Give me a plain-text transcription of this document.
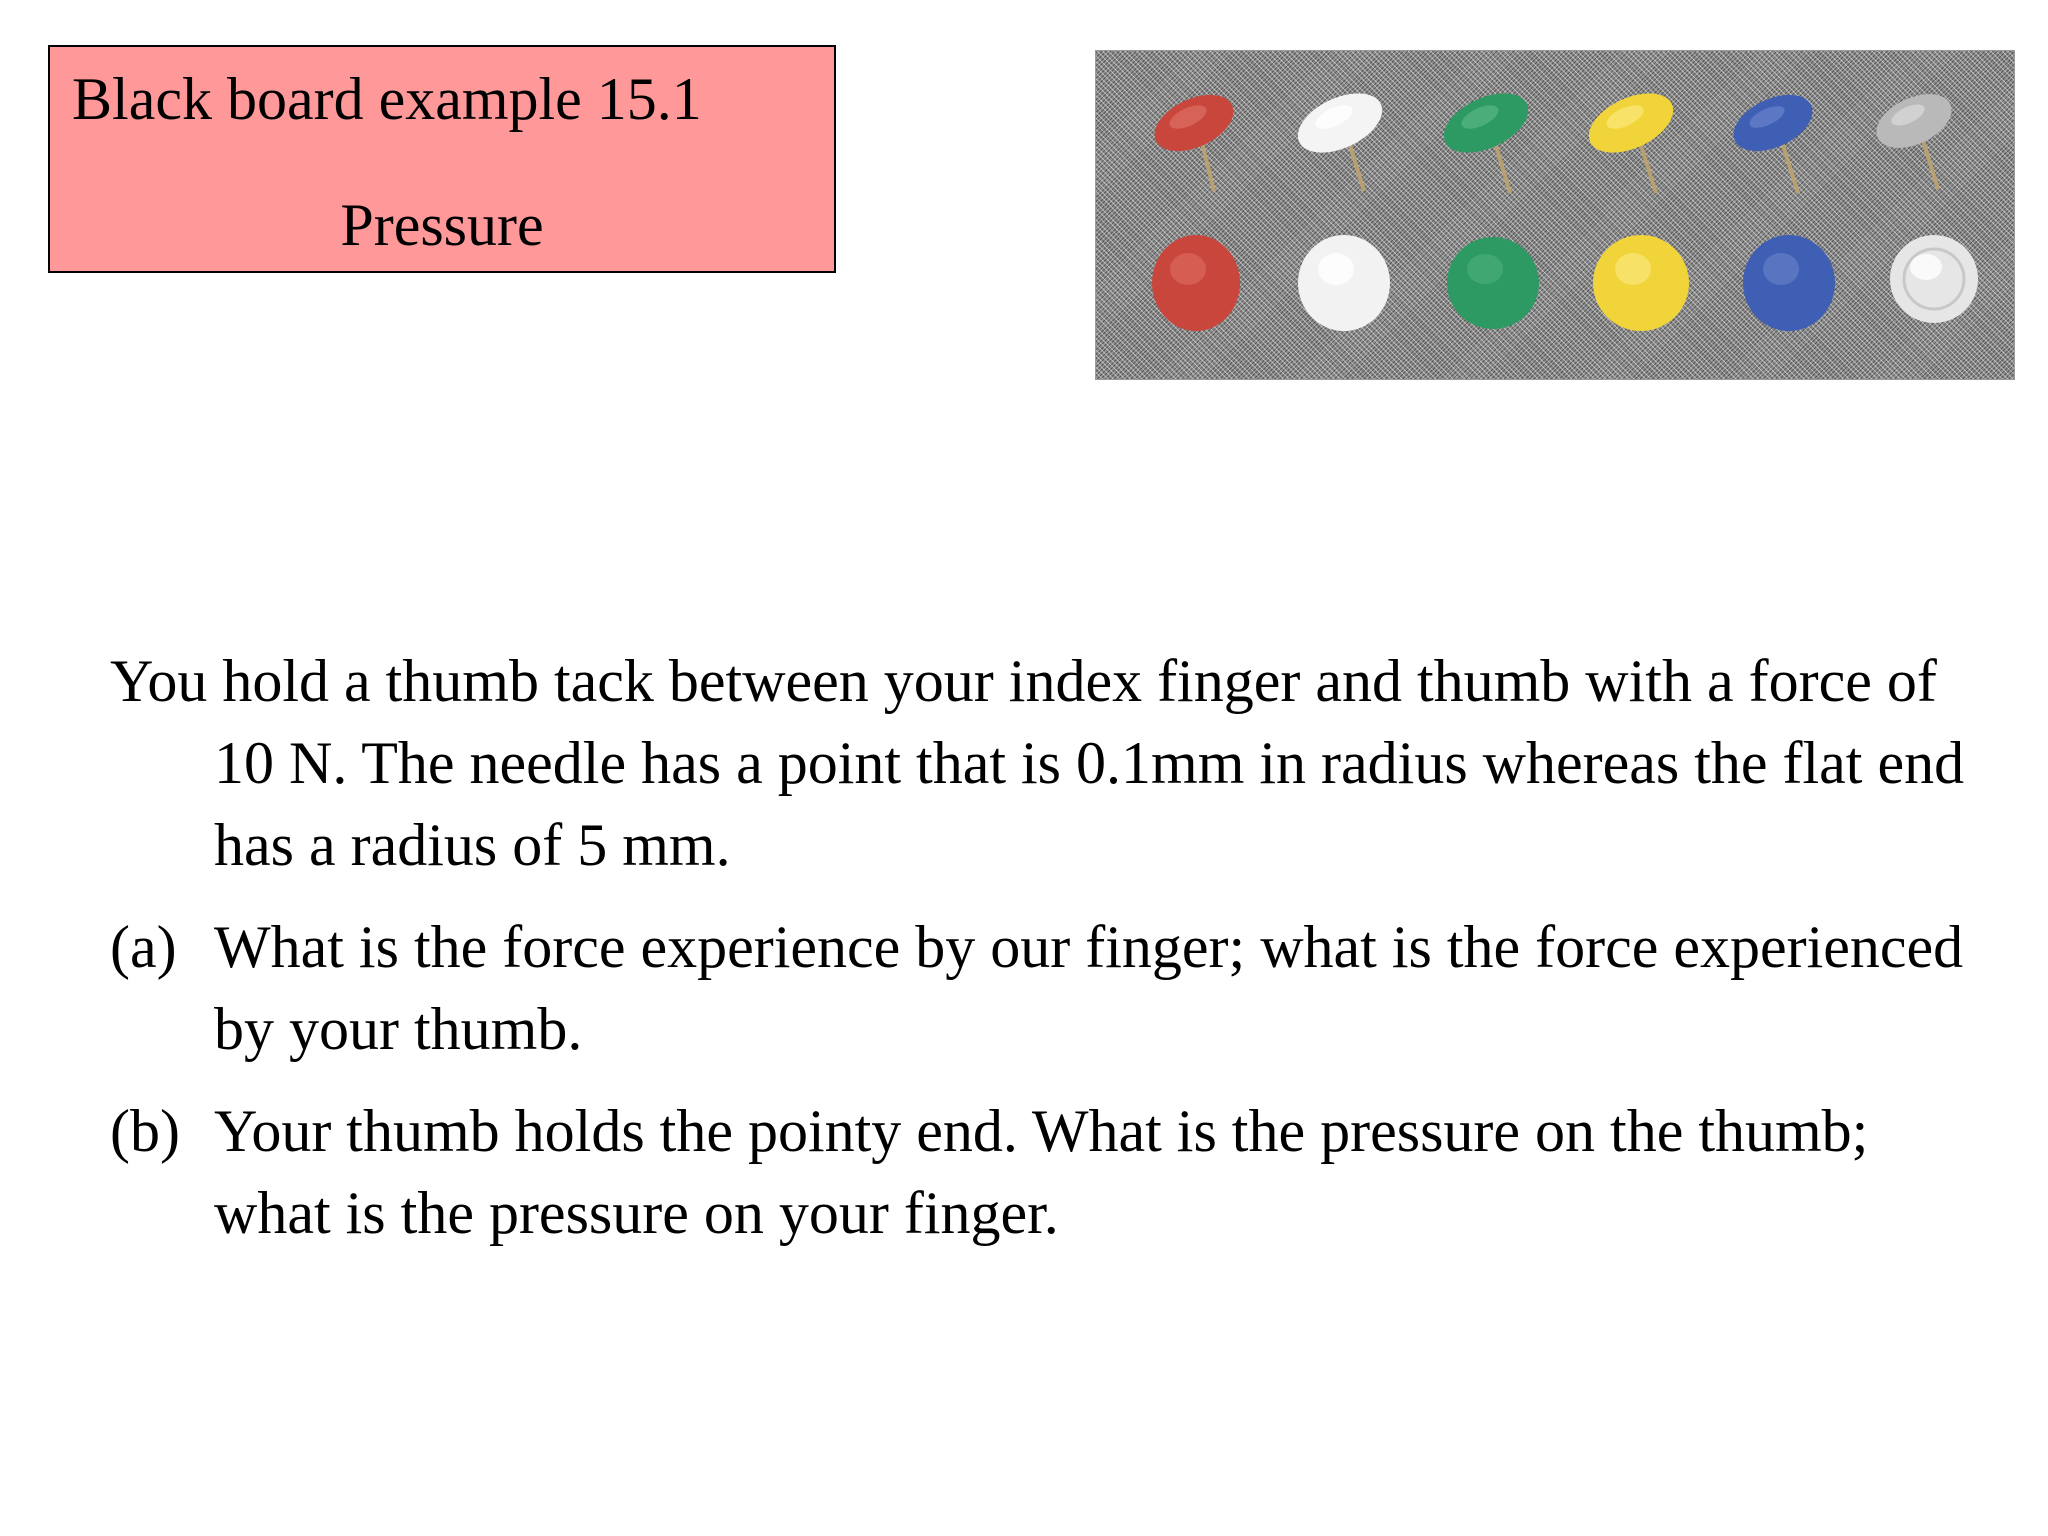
Black board example 15.1
Pressure

You hold a thumb tack between your index finger and thumb with a force of 10 N. The needle has a point that is 0.1mm in radius whereas the flat end has a radius of 5 mm.

(a) What is the force experience by our finger; what is the force experienced by your thumb.
(b) Your thumb holds the pointy end. What is the pressure on the thumb; what is the pressure on your finger.
